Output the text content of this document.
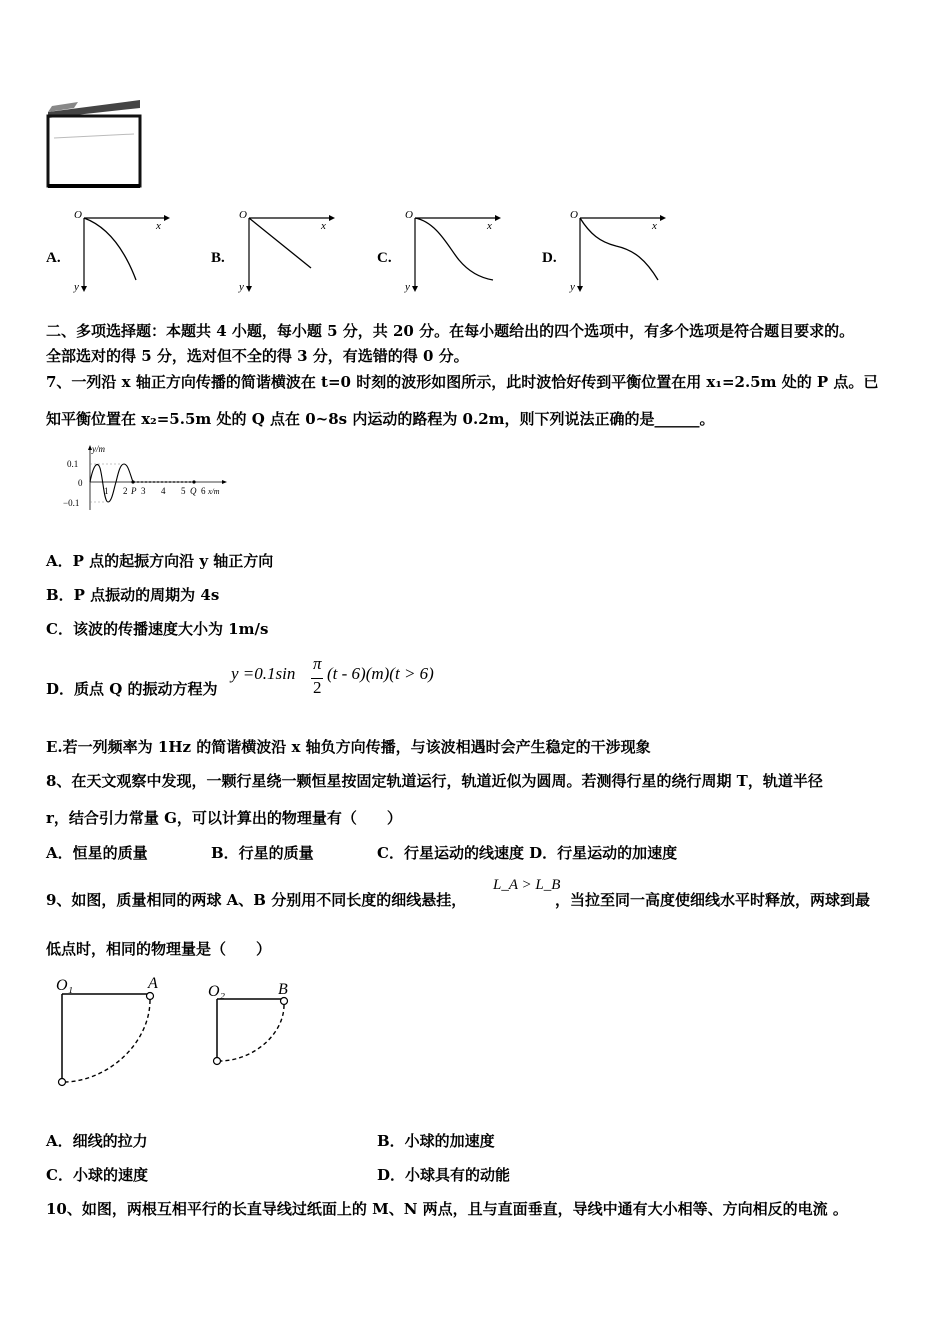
A.
O
x
y
B.
O
x
y
C.
O
x
y
D.
O
x
y
二、多项选择题：本题共 4 小题，每小题 5 分，共 20 分。在每小题给出的四个选项中，有多个选项是符合题目要求的。
全部选对的得 5 分，选对但不全的得 3 分，有选错的得 0 分。
7、一列沿 x 轴正方向传播的简谐横波在 t=0 时刻的波形如图所示，此时波恰好传到平衡位置在用 x₁=2.5m 处的 P 点。已
知平衡位置在 x₂=5.5m 处的 Q 点在 0~8s 内运动的路程为 0.2m，则下列说法正确的是______。
y/m
0.1
0
−0.1
1 2 P 3 4 5 Q 6 x/m
A．P 点的起振方向沿 y 轴正方向
B．P 点振动的周期为 4s
C．该波的传播速度大小为 1m/s
D．质点 Q 的振动方程为
y =0.1sin
π
2
(t - 6)(m)(t > 6)
E.若一列频率为 1Hz 的简谐横波沿 x 轴负方向传播，与该波相遇时会产生稳定的干涉现象
8、在天文观察中发现，一颗行星绕一颗恒星按固定轨道运行，轨道近似为圆周。若测得行星的绕行周期 T，轨道半径
r，结合引力常量 G，可以计算出的物理量有（　　）
A．恒星的质量	B．行星的质量	C．行星运动的线速度 D．行星运动的加速度
9、如图，质量相同的两球 A、B 分别用不同长度的细线悬挂，
L_A > L_B
，当拉至同一高度使细线水平时释放，两球到最
低点时，相同的物理量是（　　）
O₁	A	O₂	B
A．细线的拉力	B．小球的加速度
C．小球的速度	D．小球具有的动能
10、如图，两根互相平行的长直导线过纸面上的 M、N 两点，且与直面垂直，导线中通有大小相等、方向相反的电流 。
